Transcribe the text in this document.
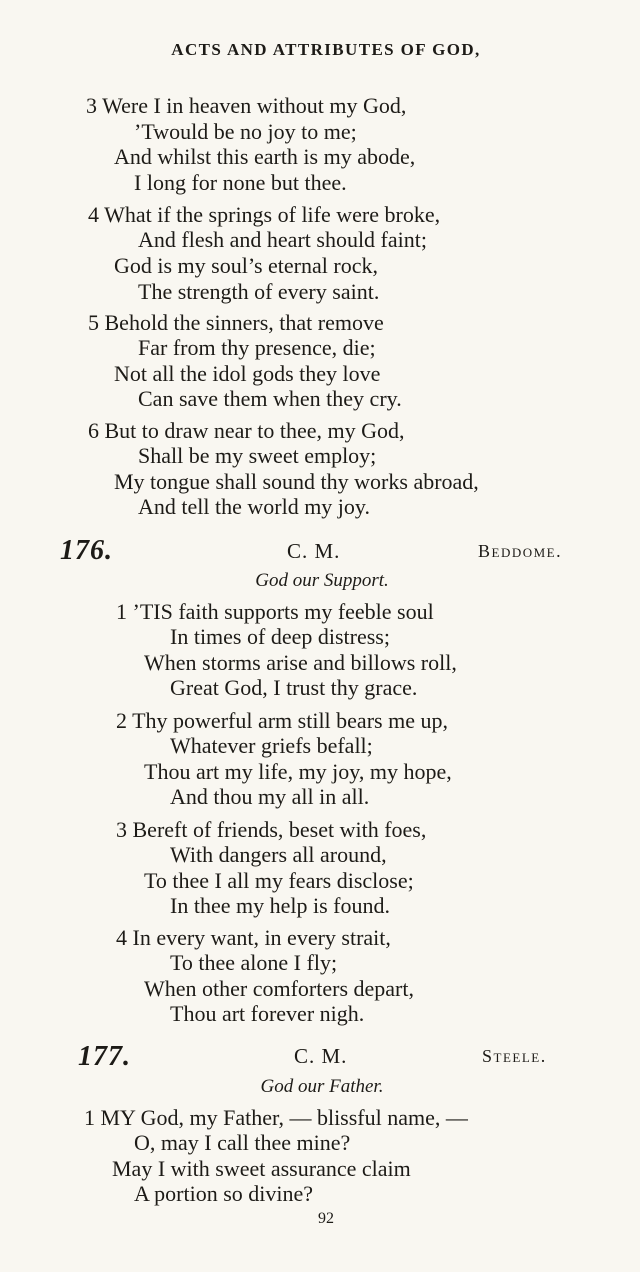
ACTS AND ATTRIBUTES OF GOD,
3 Were I in heaven without my God,
’Twould be no joy to me;
And whilst this earth is my abode,
I long for none but thee.
4 What if the springs of life were broke,
And flesh and heart should faint;
God is my soul’s eternal rock,
The strength of every saint.
5 Behold the sinners, that remove
Far from thy presence, die;
Not all the idol gods they love
Can save them when they cry.
6 But to draw near to thee, my God,
Shall be my sweet employ;
My tongue shall sound thy works abroad,
And tell the world my joy.
176.	C. M.	Beddome.
God our Support.
1 ’TIS faith supports my feeble soul
In times of deep distress;
When storms arise and billows roll,
Great God, I trust thy grace.
2 Thy powerful arm still bears me up,
Whatever griefs befall;
Thou art my life, my joy, my hope,
And thou my all in all.
3 Bereft of friends, beset with foes,
With dangers all around,
To thee I all my fears disclose;
In thee my help is found.
4 In every want, in every strait,
To thee alone I fly;
When other comforters depart,
Thou art forever nigh.
177.	C. M.	Steele.
God our Father.
1 MY God, my Father, — blissful name, —
O, may I call thee mine?
May I with sweet assurance claim
A portion so divine?
92
